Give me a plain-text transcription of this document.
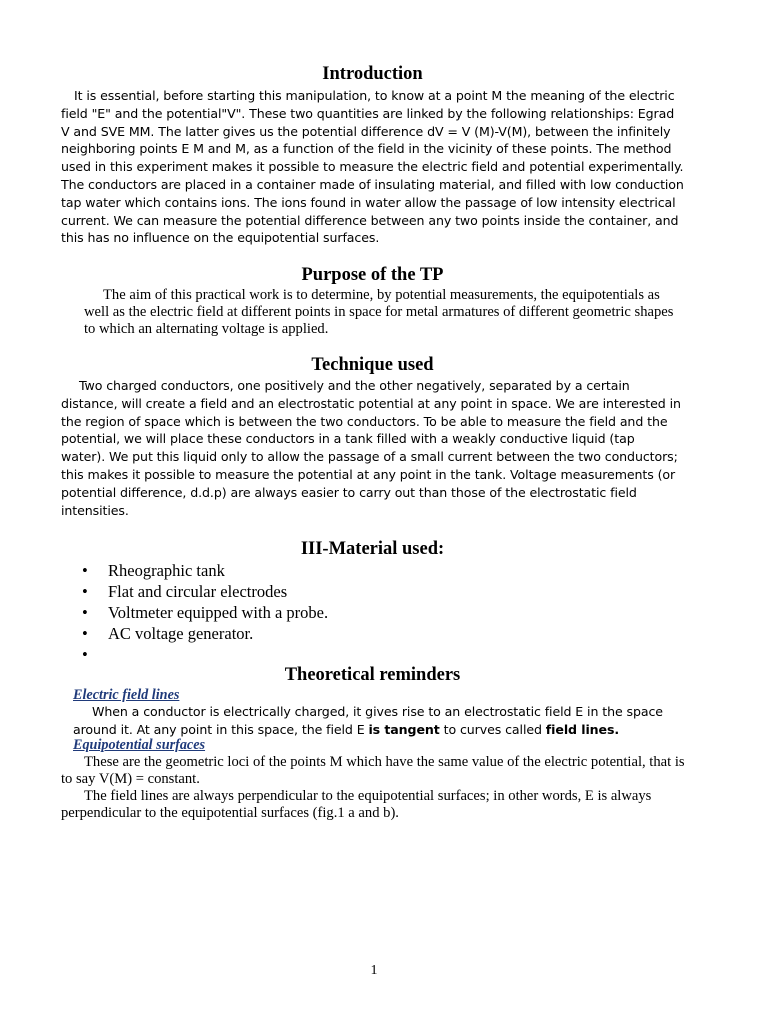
Introduction

It is essential, before starting this manipulation, to know at a point M the meaning of the electric field "E" and the potential"V". These two quantities are linked by the following relationships: Egrad V and SVE MM. The latter gives us the potential difference dV = V (M)-V(M), between the infinitely neighboring points E M and M, as a function of the field in the vicinity of these points. The method used in this experiment makes it possible to measure the electric field and potential experimentally. The conductors are placed in a container made of insulating material, and filled with low conduction tap water which contains ions. The ions found in water allow the passage of low intensity electrical current. We can measure the potential difference between any two points inside the container, and this has no influence on the equipotential surfaces.

Purpose of the TP

The aim of this practical work is to determine, by potential measurements, the equipotentials as well as the electric field at different points in space for metal armatures of different geometric shapes to which an alternating voltage is applied.

Technique used

Two charged conductors, one positively and the other negatively, separated by a certain distance, will create a field and an electrostatic potential at any point in space. We are interested in the region of space which is between the two conductors. To be able to measure the field and the potential, we will place these conductors in a tank filled with a weakly conductive liquid (tap water). We put this liquid only to allow the passage of a small current between the two conductors; this makes it possible to measure the potential at any point in the tank. Voltage measurements (or potential difference, d.d.p) are always easier to carry out than those of the electrostatic field intensities.

III-Material used:
• Rheographic tank
• Flat and circular electrodes
• Voltmeter equipped with a probe.
• AC voltage generator.
•
Theoretical reminders

Electric field lines

When a conductor is electrically charged, it gives rise to an electrostatic field E in the space around it. At any point in this space, the field E is tangent to curves called field lines.

Equipotential surfaces

These are the geometric loci of the points M which have the same value of the electric potential, that is to say V(M) = constant.

The field lines are always perpendicular to the equipotential surfaces; in other words, E is always perpendicular to the equipotential surfaces (fig.1 a and b).

1
